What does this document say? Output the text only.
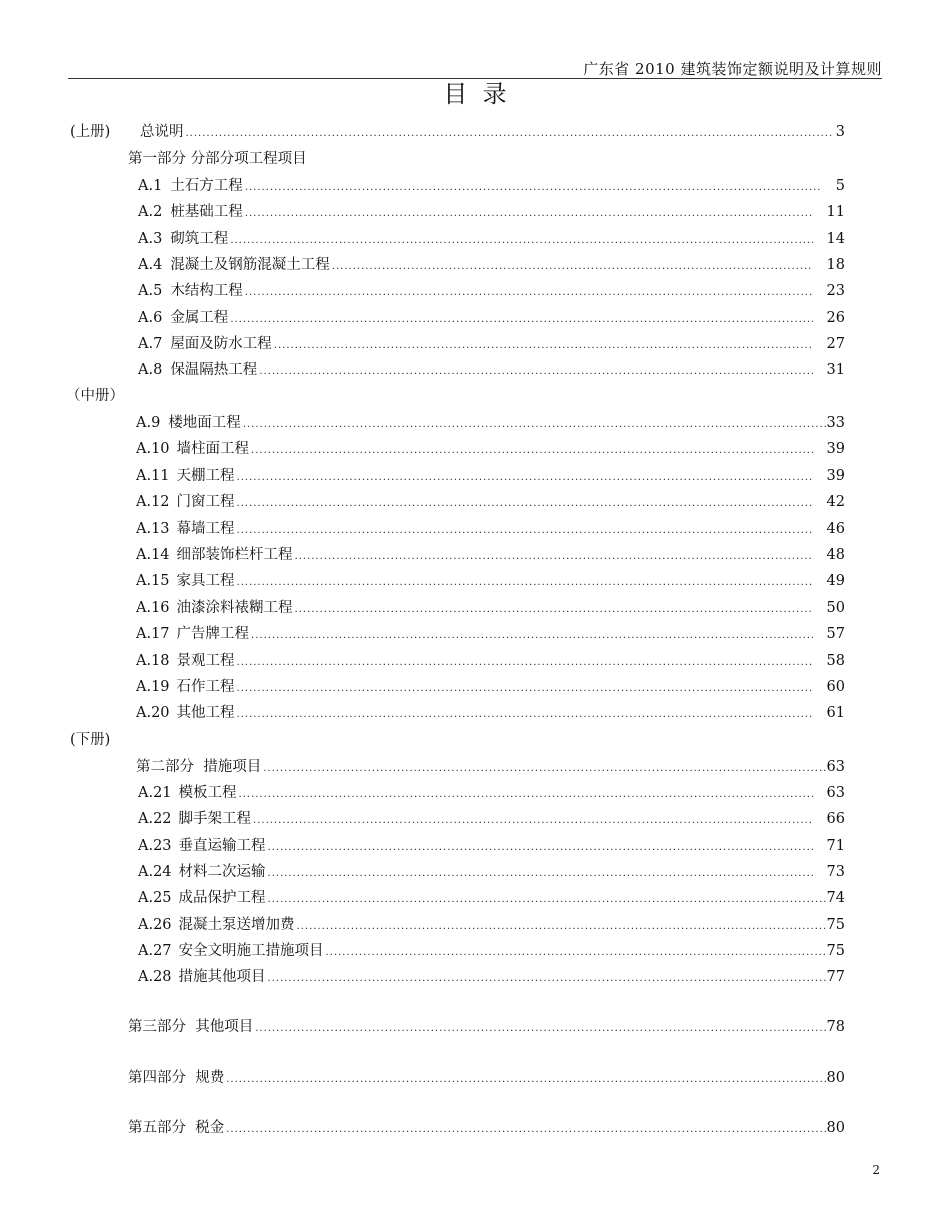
广东省 2010 建筑装饰定额说明及计算规则
目  录
(上册) 总说明 .....	3
第一部分 分部分项工程项目
A.1 土石方工程 .....	5
A.2 桩基础工程 .....	11
A.3 砌筑工程 .....	14
A.4 混凝土及钢筋混凝土工程 .....	18
A.5 木结构工程 .....	23
A.6 金属工程 .....	26
A.7 屋面及防水工程 .....	27
A.8 保温隔热工程 .....	31
（中册）
A.9 楼地面工程 .....	33
A.10 墙柱面工程 .....	39
A.11 天棚工程 .....	39
A.12 门窗工程 .....	42
A.13 幕墙工程 .....	46
A.14 细部装饰栏杆工程 .....	48
A.15 家具工程 .....	49
A.16 油漆涂料裱糊工程 .....	50
A.17 广告牌工程 .....	57
A.18 景观工程 .....	58
A.19 石作工程 .....	60
A.20 其他工程 .....	61
(下册)
第二部分  措施项目 .....	63
A.21 模板工程 .....	63
A.22 脚手架工程 .....	66
A.23 垂直运输工程 .....	71
A.24 材料二次运输 .....	73
A.25 成品保护工程 .....	74
A.26 混凝土泵送增加费 .....	75
A.27 安全文明施工措施项目 .....	75
A.28 措施其他项目 .....	77
第三部分  其他项目 .....	78
第四部分  规费 .....	80
第五部分  税金 .....	80
2
